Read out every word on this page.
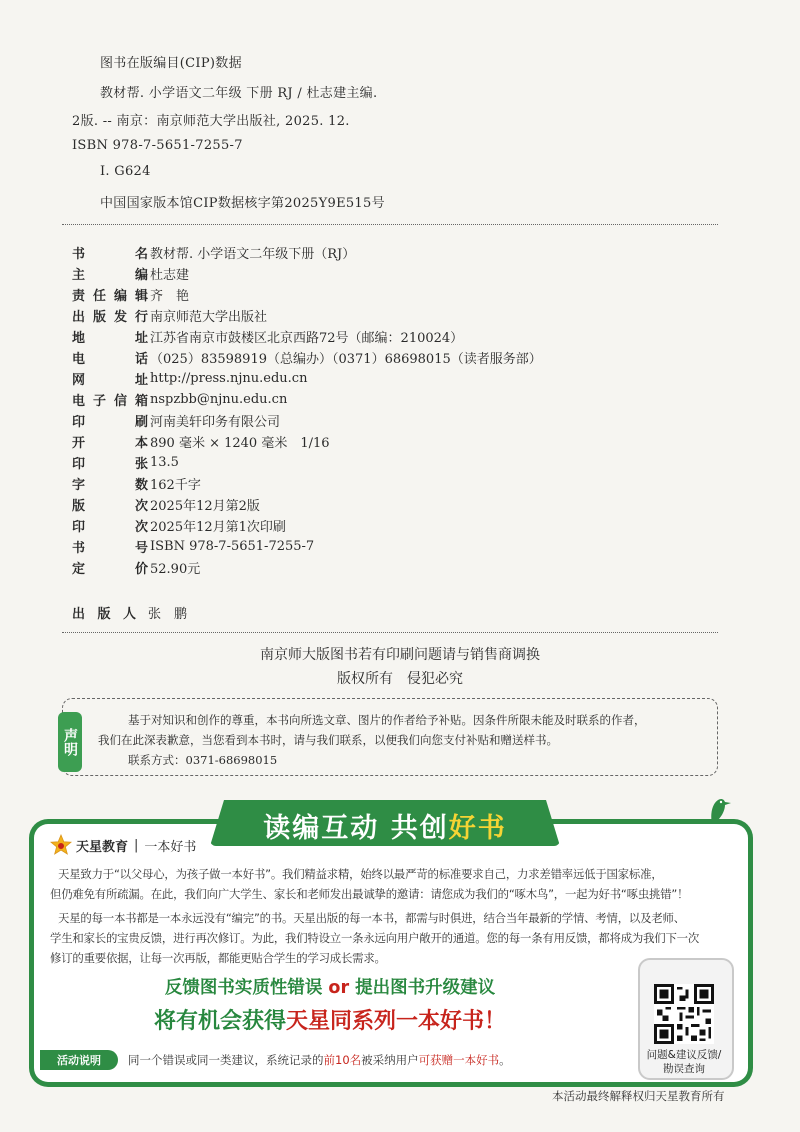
图书在版编目(CIP)数据
教材帮. 小学语文二年级 下册 RJ / 杜志建主编.
2版. -- 南京：南京师范大学出版社, 2025. 12.
ISBN 978-7-5651-7255-7
I. G624
中国国家版本馆CIP数据核字第2025Y9E515号
书	名 教材帮. 小学语文二年级下册（RJ）
主	编 杜志建
责 任 编 辑 齐　艳
出 版 发 行 南京师范大学出版社
地	址 江苏省南京市鼓楼区北京西路72号（邮编：210024）
电	话 （025）83598919（总编办）（0371）68698015（读者服务部）
网	址 http://press.njnu.edu.cn
电 子 信 箱 nspzbb@njnu.edu.cn
印	刷 河南美轩印务有限公司
开	本 890 毫米 × 1240 毫米　1/16
印	张 13.5
字	数 162千字
版	次 2025年12月第2版
印	次 2025年12月第1次印刷
书	号 ISBN 978-7-5651-7255-7
定	价 52.90元
出 版 人 张　鹏
南京师大版图书若有印刷问题请与销售商调换
版权所有　侵犯必究
声明
基于对知识和创作的尊重，本书向所选文章、图片的作者给予补贴。因条件所限未能及时联系的作者，
我们在此深表歉意，当您看到本书时，请与我们联系，以便我们向您支付补贴和赠送样书。
联系方式：0371-68698015
读编互动 共创好书
天星教育 | 一本好书
天星致力于“以父母心，为孩子做一本好书”。我们精益求精，始终以最严苛的标准要求自己，力求差错率远低于国家标准，
但仍难免有所疏漏。在此，我们向广大学生、家长和老师发出最诚挚的邀请：请您成为我们的“啄木鸟”，一起为好书“啄虫挑错”！
天星的每一本书都是一本永远没有“编完”的书。天星出版的每一本书，都需与时俱进，结合当年最新的学情、考情，以及老师、
学生和家长的宝贵反馈，进行再次修订。为此，我们特设立一条永远向用户敞开的通道。您的每一条有用反馈，都将成为我们下一次
修订的重要依据，让每一次再版，都能更贴合学生的学习成长需求。
反馈图书实质性错误 or 提出图书升级建议
将有机会获得天星同系列一本好书！
活动说明	同一个错误或同一类建议，系统记录的前10名被采纳用户可获赠一本好书。	问题&建议反馈/
勘误查询
本活动最终解释权归天星教育所有
